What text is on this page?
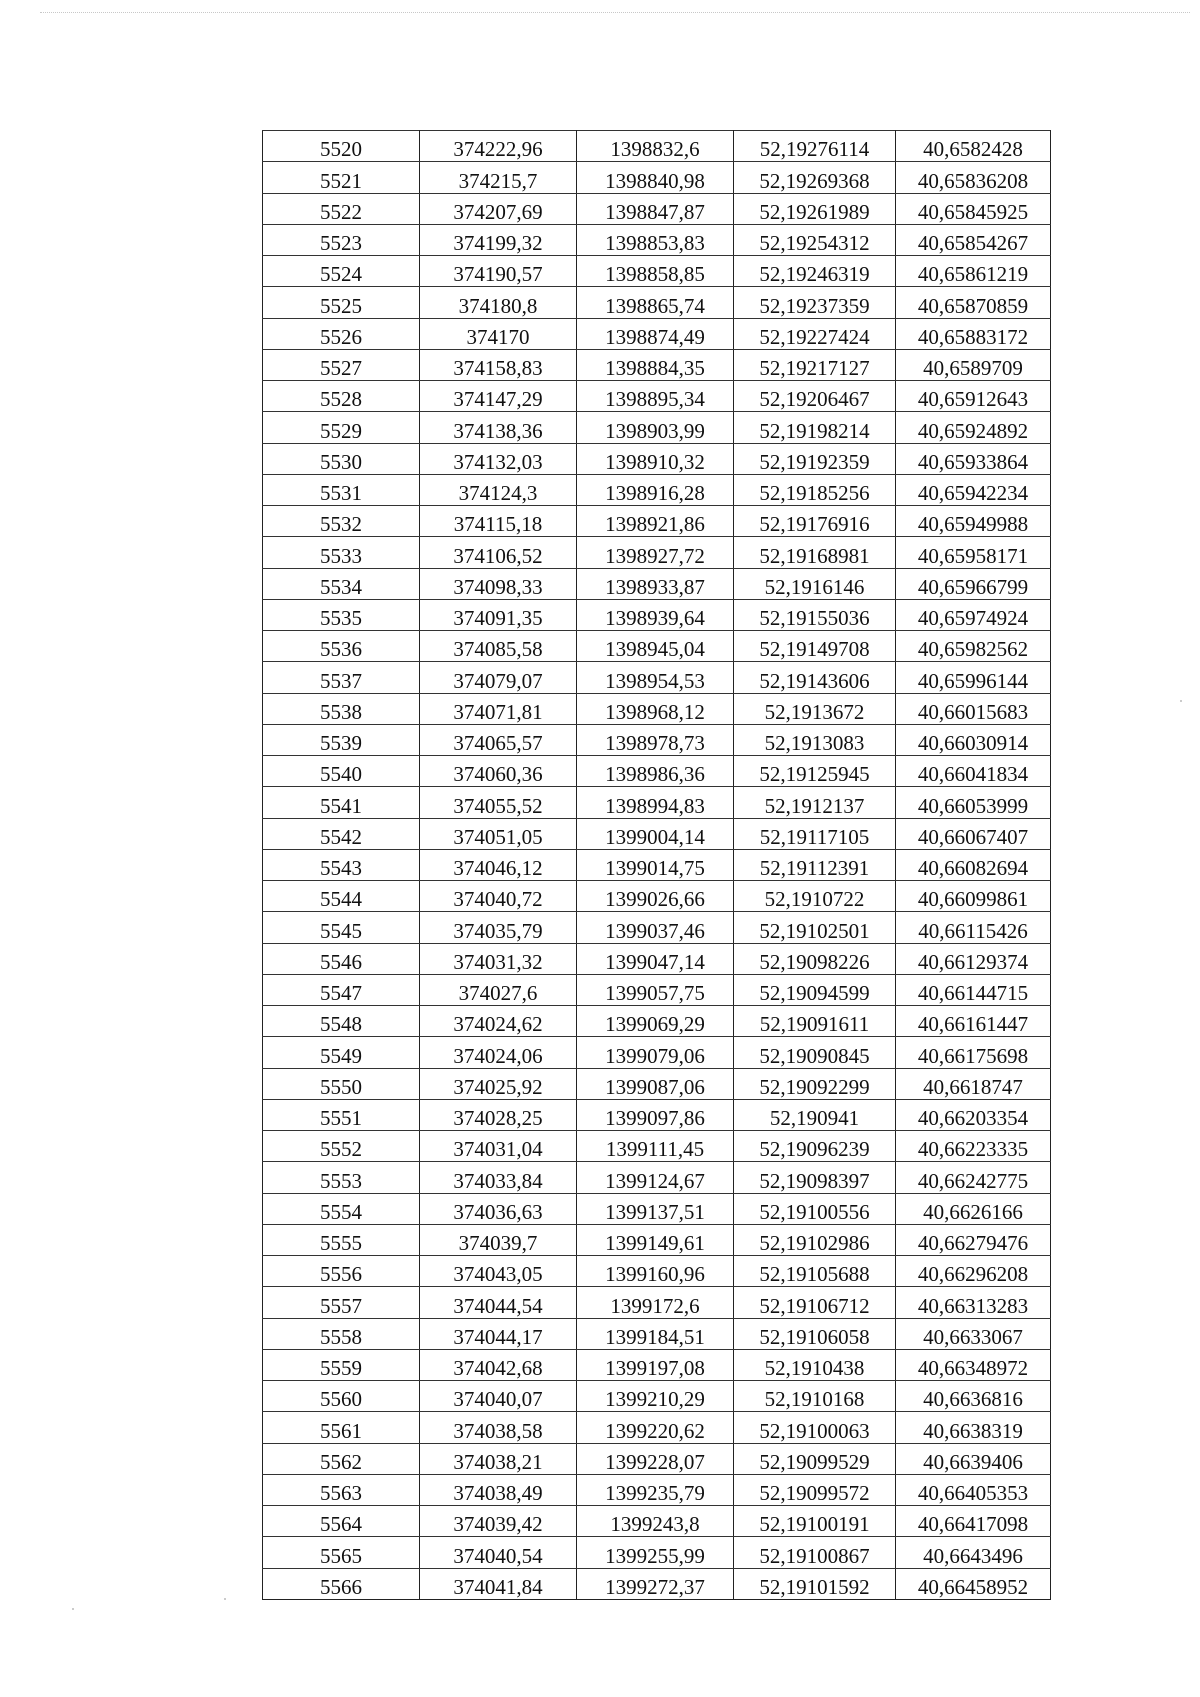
5520	374222,96	1398832,6	52,19276114	40,6582428
5521	374215,7	1398840,98	52,19269368	40,65836208
5522	374207,69	1398847,87	52,19261989	40,65845925
5523	374199,32	1398853,83	52,19254312	40,65854267
5524	374190,57	1398858,85	52,19246319	40,65861219
5525	374180,8	1398865,74	52,19237359	40,65870859
5526	374170	1398874,49	52,19227424	40,65883172
5527	374158,83	1398884,35	52,19217127	40,6589709
5528	374147,29	1398895,34	52,19206467	40,65912643
5529	374138,36	1398903,99	52,19198214	40,65924892
5530	374132,03	1398910,32	52,19192359	40,65933864
5531	374124,3	1398916,28	52,19185256	40,65942234
5532	374115,18	1398921,86	52,19176916	40,65949988
5533	374106,52	1398927,72	52,19168981	40,65958171
5534	374098,33	1398933,87	52,1916146	40,65966799
5535	374091,35	1398939,64	52,19155036	40,65974924
5536	374085,58	1398945,04	52,19149708	40,65982562
5537	374079,07	1398954,53	52,19143606	40,65996144
5538	374071,81	1398968,12	52,1913672	40,66015683
5539	374065,57	1398978,73	52,1913083	40,66030914
5540	374060,36	1398986,36	52,19125945	40,66041834
5541	374055,52	1398994,83	52,1912137	40,66053999
5542	374051,05	1399004,14	52,19117105	40,66067407
5543	374046,12	1399014,75	52,19112391	40,66082694
5544	374040,72	1399026,66	52,1910722	40,66099861
5545	374035,79	1399037,46	52,19102501	40,66115426
5546	374031,32	1399047,14	52,19098226	40,66129374
5547	374027,6	1399057,75	52,19094599	40,66144715
5548	374024,62	1399069,29	52,19091611	40,66161447
5549	374024,06	1399079,06	52,19090845	40,66175698
5550	374025,92	1399087,06	52,19092299	40,6618747
5551	374028,25	1399097,86	52,190941	40,66203354
5552	374031,04	1399111,45	52,19096239	40,66223335
5553	374033,84	1399124,67	52,19098397	40,66242775
5554	374036,63	1399137,51	52,19100556	40,6626166
5555	374039,7	1399149,61	52,19102986	40,66279476
5556	374043,05	1399160,96	52,19105688	40,66296208
5557	374044,54	1399172,6	52,19106712	40,66313283
5558	374044,17	1399184,51	52,19106058	40,6633067
5559	374042,68	1399197,08	52,1910438	40,66348972
5560	374040,07	1399210,29	52,1910168	40,6636816
5561	374038,58	1399220,62	52,19100063	40,6638319
5562	374038,21	1399228,07	52,19099529	40,6639406
5563	374038,49	1399235,79	52,19099572	40,66405353
5564	374039,42	1399243,8	52,19100191	40,66417098
5565	374040,54	1399255,99	52,19100867	40,6643496
5566	374041,84	1399272,37	52,19101592	40,66458952
